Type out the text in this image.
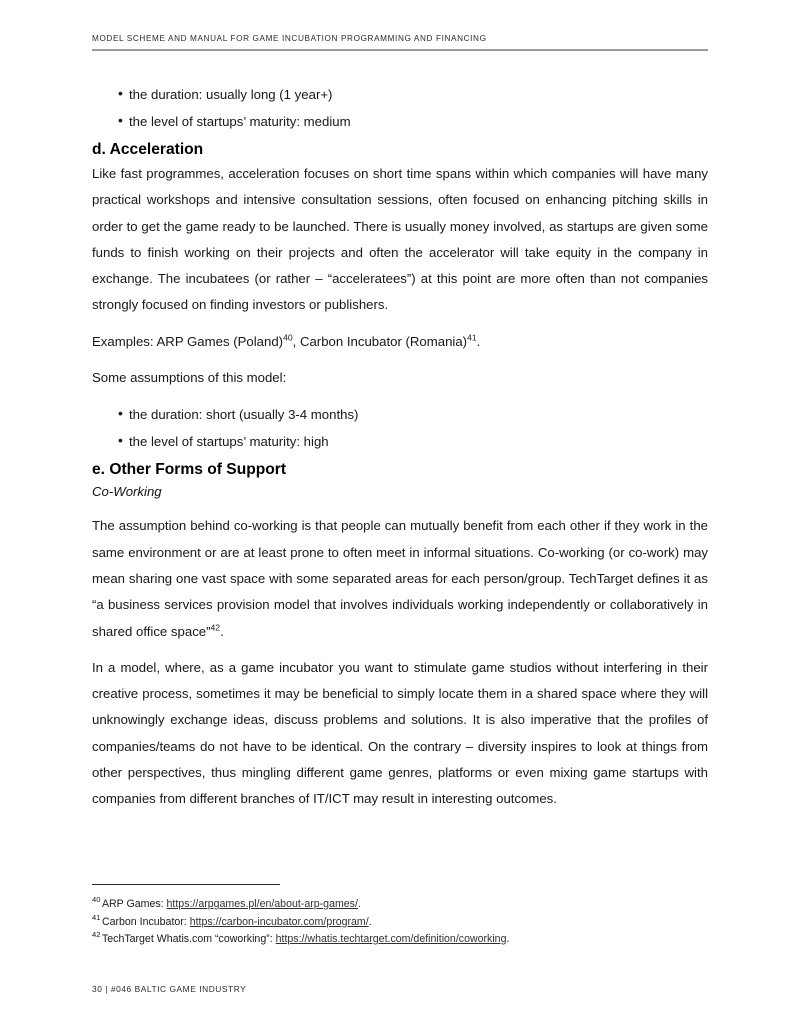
MODEL SCHEME AND MANUAL FOR GAME INCUBATION PROGRAMMING AND FINANCING
• the duration: usually long (1 year+)
• the level of startups’ maturity: medium
d. Acceleration

Like fast programmes, acceleration focuses on short time spans within which companies will have many practical workshops and intensive consultation sessions, often focused on enhancing pitching skills in order to get the game ready to be launched. There is usually money involved, as startups are given some funds to finish working on their projects and often the accelerator will take equity in the company in exchange. The incubatees (or rather – “acceleratees”) at this point are more often than not companies strongly focused on finding investors or publishers.

Examples: ARP Games (Poland)$^{40}$, Carbon Incubator (Romania)$^{41}$.

Some assumptions of this model:

• the duration: short (usually 3-4 months)
• the level of startups’ maturity: high
e. Other Forms of Support
Co-Working

The assumption behind co-working is that people can mutually benefit from each other if they work in the same environment or are at least prone to often meet in informal situations. Co-working (or co-work) may mean sharing one vast space with some separated areas for each person/group. TechTarget defines it as “a business services provision model that involves individuals working independently or collaboratively in shared office space”$^{42}$.

In a model, where, as a game incubator you want to stimulate game studios without interfering in their creative process, sometimes it may be beneficial to simply locate them in a shared space where they will unknowingly exchange ideas, discuss problems and solutions. It is also imperative that the profiles of companies/teams do not have to be identical. On the contrary – diversity inspires to look at things from other perspectives, thus mingling different game genres, platforms or even mixing game startups with companies from different branches of IT/ICT may result in interesting outcomes.

$^{40}$ ARP Games: https://arpgames.pl/en/about-arp-games/.
$^{41}$ Carbon Incubator: https://carbon-incubator.com/program/.
$^{42}$ TechTarget Whatis.com “coworking”: https://whatis.techtarget.com/definition/coworking.
30 | #046 BALTIC GAME INDUSTRY
